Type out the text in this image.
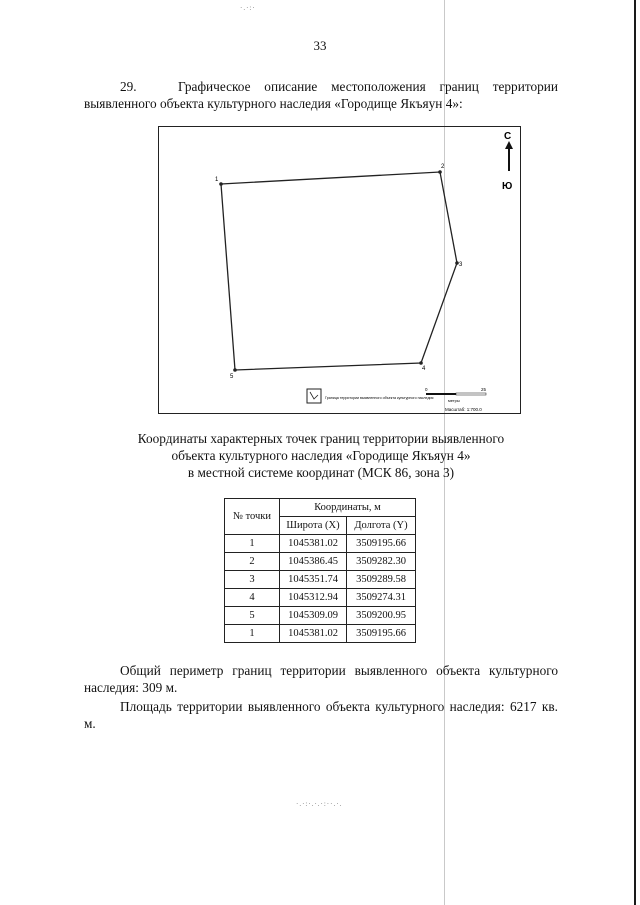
·.·:·
·.·:·.·.·:··.·.
33
29.	Графическое описание местоположения границ территории выявленного объекта культурного наследия «Городище Якъяун 4»:
1
2
3
4
5
С
Ю
Граница территории выявленного объекта культурного наследия
0	25
метры
Масштаб: 1:700.0
Координаты характерных точек границ территории выявленного
объекта культурного наследия «Городище Якъяун 4»
в местной системе координат (МСК 86, зона 3)
№ точки	Координаты, м	
	Широта (X)	Долгота (Y)
1	1045381.02	3509195.66
2	1045386.45	3509282.30
3	1045351.74	3509289.58
4	1045312.94	3509274.31
5	1045309.09	3509200.95
1	1045381.02	3509195.66
Общий периметр границ территории выявленного объекта культурного наследия: 309 м.
Площадь территории выявленного объекта культурного наследия: 6217 кв. м.
